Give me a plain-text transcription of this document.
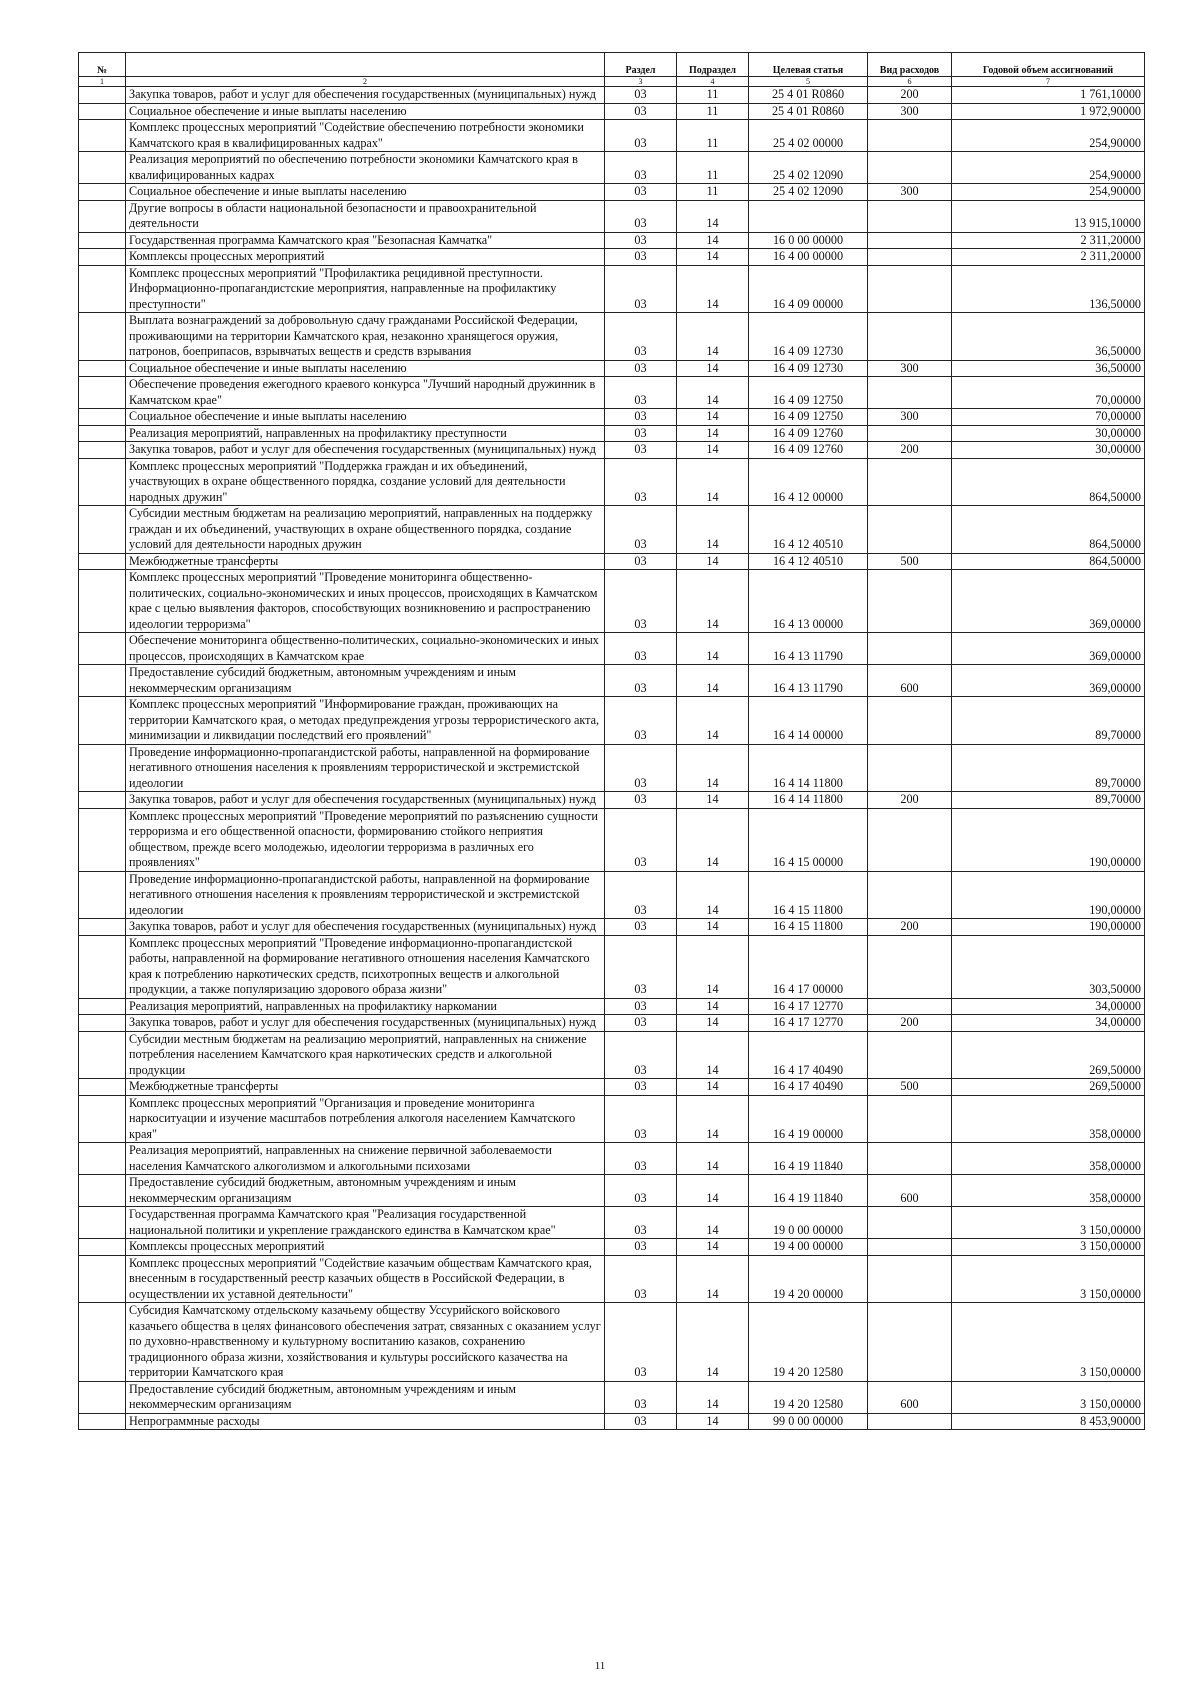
№		Раздел	Подраздел	Целевая статья	Вид расходов	Годовой объем ассигнований
1	2	3	4	5	6	7
	Закупка товаров, работ и услуг для обеспечения государственных (муниципальных) нужд	03	11	25 4 01 R0860	200	1 761,10000
	Социальное обеспечение и иные выплаты населению	03	11	25 4 01 R0860	300	1 972,90000
	Комплекс процессных мероприятий "Содействие обеспечению потребности экономики Камчатского края в квалифицированных кадрах"	03	11	25 4 02 00000		254,90000
	Реализация мероприятий по обеспечению потребности экономики Камчатского края в квалифицированных кадрах	03	11	25 4 02 12090		254,90000
	Социальное обеспечение и иные выплаты населению	03	11	25 4 02 12090	300	254,90000
	Другие вопросы в области национальной безопасности и правоохранительной деятельности	03	14			13 915,10000
	Государственная программа Камчатского края "Безопасная Камчатка"	03	14	16 0 00 00000		2 311,20000
	Комплексы процессных мероприятий	03	14	16 4 00 00000		2 311,20000
	Комплекс процессных мероприятий "Профилактика рецидивной преступности. Информационно-пропагандистские мероприятия, направленные на профилактику преступности"	03	14	16 4 09 00000		136,50000
	Выплата вознаграждений за добровольную сдачу гражданами Российской Федерации, проживающими на территории Камчатского края, незаконно хранящегося оружия, патронов, боеприпасов, взрывчатых веществ и средств взрывания	03	14	16 4 09 12730		36,50000
	Социальное обеспечение и иные выплаты населению	03	14	16 4 09 12730	300	36,50000
	Обеспечение проведения ежегодного краевого конкурса "Лучший народный дружинник в Камчатском крае"	03	14	16 4 09 12750		70,00000
	Социальное обеспечение и иные выплаты населению	03	14	16 4 09 12750	300	70,00000
	Реализация мероприятий, направленных на профилактику преступности	03	14	16 4 09 12760		30,00000
	Закупка товаров, работ и услуг для обеспечения государственных (муниципальных) нужд	03	14	16 4 09 12760	200	30,00000
	Комплекс процессных мероприятий "Поддержка граждан и их объединений, участвующих в охране общественного порядка, создание условий для деятельности народных дружин"	03	14	16 4 12 00000		864,50000
	Субсидии местным бюджетам на реализацию мероприятий, направленных на поддержку граждан и их объединений, участвующих в охране общественного порядка, создание условий для деятельности народных дружин	03	14	16 4 12 40510		864,50000
	Межбюджетные трансферты	03	14	16 4 12 40510	500	864,50000
	Комплекс процессных мероприятий "Проведение мониторинга общественно-политических, социально-экономических и иных процессов, происходящих в Камчатском крае с целью выявления факторов, способствующих возникновению и распространению идеологии терроризма"	03	14	16 4 13 00000		369,00000
	Обеспечение мониторинга общественно-политических, социально-экономических и иных процессов, происходящих в Камчатском крае	03	14	16 4 13 11790		369,00000
	Предоставление субсидий бюджетным, автономным учреждениям и иным некоммерческим организациям	03	14	16 4 13 11790	600	369,00000
	Комплекс процессных мероприятий "Информирование граждан, проживающих на территории Камчатского края, о методах предупреждения угрозы террористического акта, минимизации и ликвидации последствий его проявлений"	03	14	16 4 14 00000		89,70000
	Проведение информационно-пропагандистской работы, направленной на формирование негативного отношения населения к проявлениям террористической и экстремистской идеологии	03	14	16 4 14 11800		89,70000
	Закупка товаров, работ и услуг для обеспечения государственных (муниципальных) нужд	03	14	16 4 14 11800	200	89,70000
	Комплекс процессных мероприятий "Проведение мероприятий по разъяснению сущности терроризма и его общественной опасности, формированию стойкого неприятия обществом, прежде всего молодежью, идеологии терроризма в различных его проявлениях"	03	14	16 4 15 00000		190,00000
	Проведение информационно-пропагандистской работы, направленной на формирование негативного отношения населения к проявлениям террористической и экстремистской идеологии	03	14	16 4 15 11800		190,00000
	Закупка товаров, работ и услуг для обеспечения государственных (муниципальных) нужд	03	14	16 4 15 11800	200	190,00000
	Комплекс процессных мероприятий "Проведение информационно-пропагандистской работы, направленной на формирование негативного отношения населения Камчатского края к потреблению наркотических средств, психотропных веществ и алкогольной продукции, а также популяризацию здорового образа жизни"	03	14	16 4 17 00000		303,50000
	Реализация мероприятий, направленных на профилактику наркомании	03	14	16 4 17 12770		34,00000
	Закупка товаров, работ и услуг для обеспечения государственных (муниципальных) нужд	03	14	16 4 17 12770	200	34,00000
	Субсидии местным бюджетам на реализацию мероприятий, направленных на снижение потребления населением Камчатского края наркотических средств и алкогольной продукции	03	14	16 4 17 40490		269,50000
	Межбюджетные трансферты	03	14	16 4 17 40490	500	269,50000
	Комплекс процессных мероприятий "Организация и проведение мониторинга наркоситуации и изучение масштабов потребления алкоголя населением Камчатского края"	03	14	16 4 19 00000		358,00000
	Реализация мероприятий, направленных на снижение первичной заболеваемости населения Камчатского алкоголизмом и алкогольными психозами	03	14	16 4 19 11840		358,00000
	Предоставление субсидий бюджетным, автономным учреждениям и иным некоммерческим организациям	03	14	16 4 19 11840	600	358,00000
	Государственная программа Камчатского края "Реализация государственной национальной политики и укрепление гражданского единства в Камчатском крае"	03	14	19 0 00 00000		3 150,00000
	Комплексы процессных мероприятий	03	14	19 4 00 00000		3 150,00000
	Комплекс процессных мероприятий "Содействие казачьим обществам Камчатского края, внесенным в государственный реестр казачьих обществ в Российской Федерации, в осуществлении их уставной деятельности"	03	14	19 4 20 00000		3 150,00000
	Субсидия Камчатскому отдельскому казачьему обществу Уссурийского войскового казачьего общества в целях финансового обеспечения затрат, связанных с оказанием услуг по духовно-нравственному и культурному воспитанию казаков, сохранению традиционного образа жизни, хозяйствования и культуры российского казачества на территории Камчатского края	03	14	19 4 20 12580		3 150,00000
	Предоставление субсидий бюджетным, автономным учреждениям и иным некоммерческим организациям	03	14	19 4 20 12580	600	3 150,00000
	Непрограммные расходы	03	14	99 0 00 00000		8 453,90000
11
